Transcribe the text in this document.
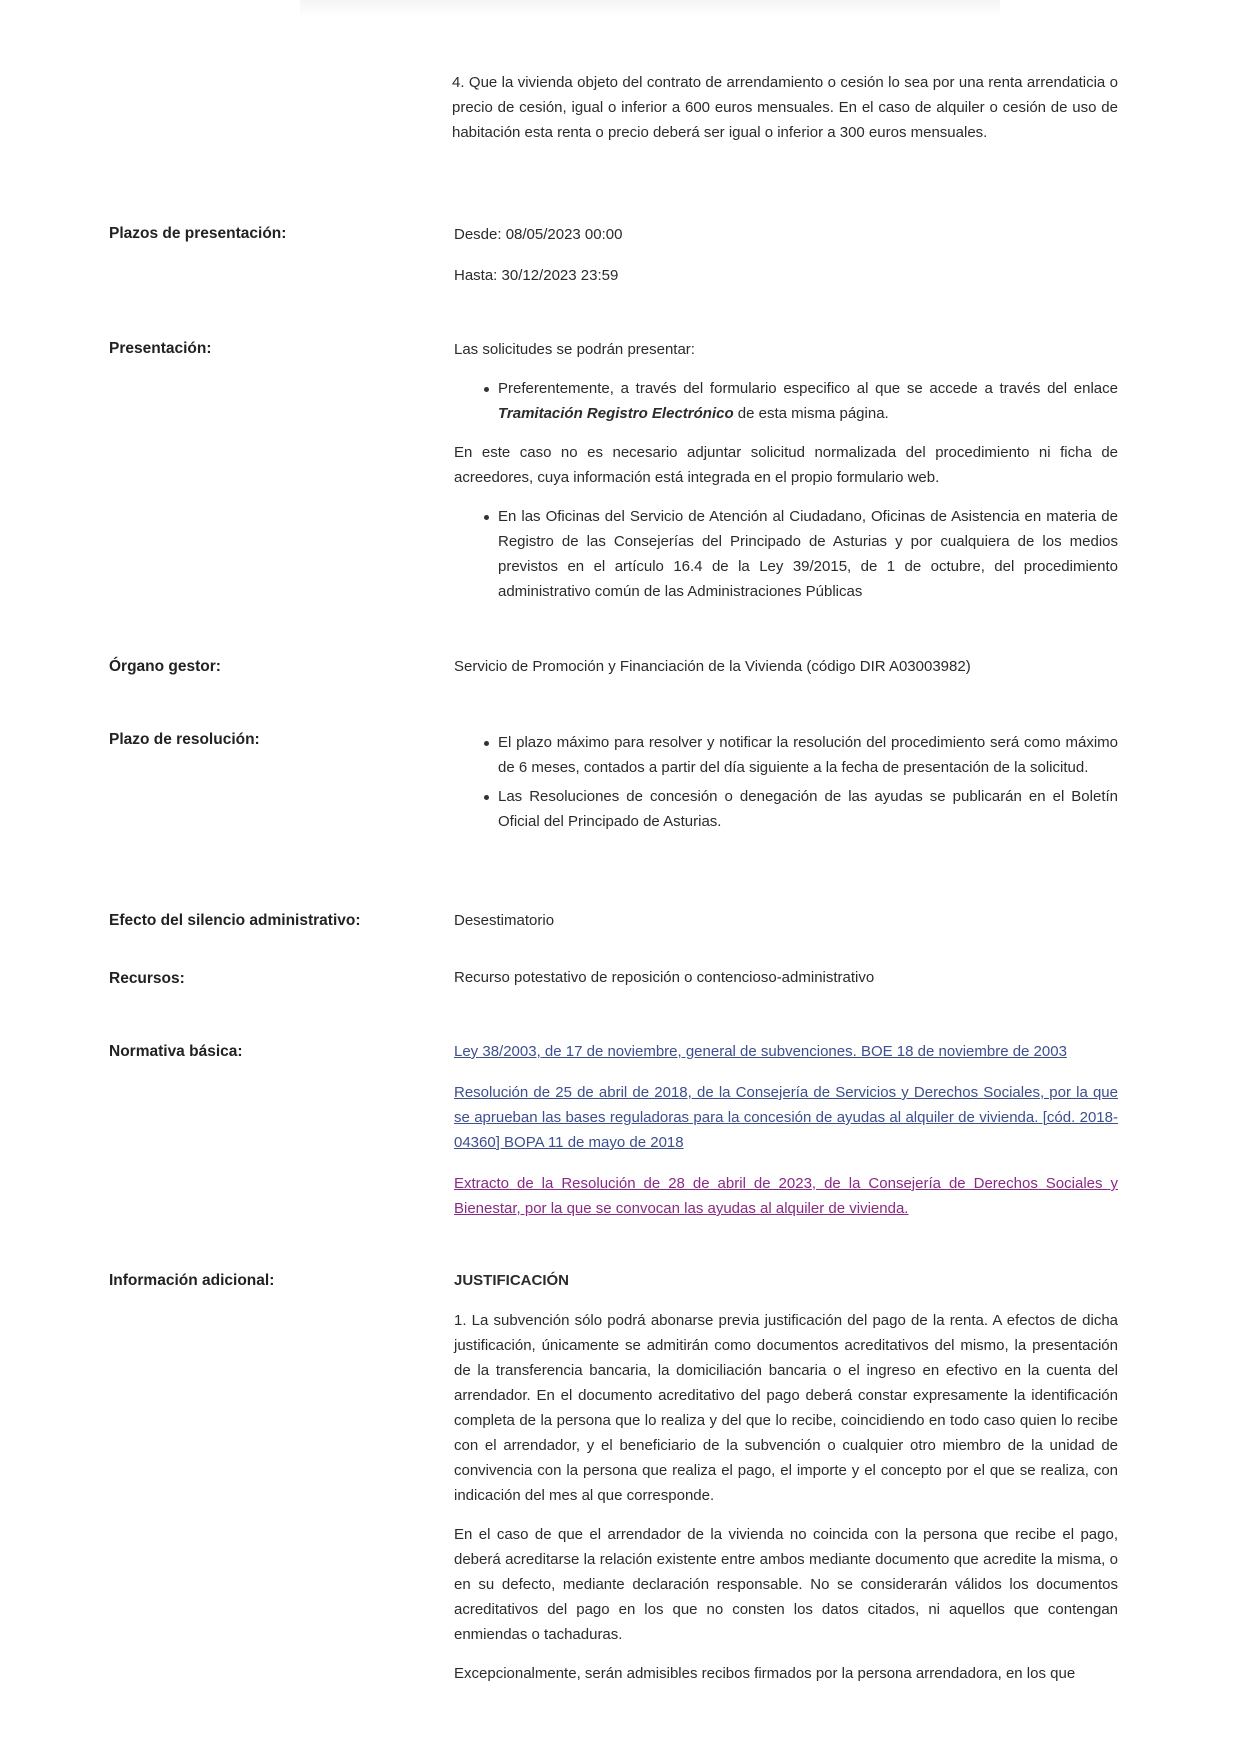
4. Que la vivienda objeto del contrato de arrendamiento o cesión lo sea por una renta arrendaticia o precio de cesión, igual o inferior a 600 euros mensuales. En el caso de alquiler o cesión de uso de habitación esta renta o precio deberá ser igual o inferior a 300 euros mensuales.
Plazos de presentación:	Desde: 08/05/2023 00:00

Hasta: 30/12/2023 23:59

Presentación:	Las solicitudes se podrán presentar:

Preferentemente, a través del formulario especifico al que se accede a través del enlace Tramitación Registro Electrónico de esta misma página.

En este caso no es necesario adjuntar solicitud normalizada del procedimiento ni ficha de acreedores, cuya información está integrada en el propio formulario web.

En las Oficinas del Servicio de Atención al Ciudadano, Oficinas de Asistencia en materia de Registro de las Consejerías del Principado de Asturias y por cualquiera de los medios previstos en el artículo 16.4 de la Ley 39/2015, de 1 de octubre, del procedimiento administrativo común de las Administraciones Públicas
Órgano gestor:	Servicio de Promoción y Financiación de la Vivienda (código DIR A03003982)
Plazo de resolución:	El plazo máximo para resolver y notificar la resolución del procedimiento será como máximo de 6 meses, contados a partir del día siguiente a la fecha de presentación de la solicitud.
Las Resoluciones de concesión o denegación de las ayudas se publicarán en el Boletín Oficial del Principado de Asturias.
Efecto del silencio administrativo:	Desestimatorio
Recursos:	Recurso potestativo de reposición o contencioso-administrativo
Normativa básica:	Ley 38/2003, de 17 de noviembre, general de subvenciones. BOE 18 de noviembre de 2003

Resolución de 25 de abril de 2018, de la Consejería de Servicios y Derechos Sociales, por la que se aprueban las bases reguladoras para la concesión de ayudas al alquiler de vivienda. [cód. 2018-04360] BOPA 11 de mayo de 2018

Extracto de la Resolución de 28 de abril de 2023, de la Consejería de Derechos Sociales y Bienestar, por la que se convocan las ayudas al alquiler de vivienda.

Información adicional:	JUSTIFICACIÓN

1. La subvención sólo podrá abonarse previa justificación del pago de la renta. A efectos de dicha justificación, únicamente se admitirán como documentos acreditativos del mismo, la presentación de la transferencia bancaria, la domiciliación bancaria o el ingreso en efectivo en la cuenta del arrendador. En el documento acreditativo del pago deberá constar expresamente la identificación completa de la persona que lo realiza y del que lo recibe, coincidiendo en todo caso quien lo recibe con el arrendador, y el beneficiario de la subvención o cualquier otro miembro de la unidad de convivencia con la persona que realiza el pago, el importe y el concepto por el que se realiza, con indicación del mes al que corresponde.

En el caso de que el arrendador de la vivienda no coincida con la persona que recibe el pago, deberá acreditarse la relación existente entre ambos mediante documento que acredite la misma, o en su defecto, mediante declaración responsable. No se considerarán válidos los documentos acreditativos del pago en los que no consten los datos citados, ni aquellos que contengan enmiendas o tachaduras.

Excepcionalmente, serán admisibles recibos firmados por la persona arrendadora, en los que
